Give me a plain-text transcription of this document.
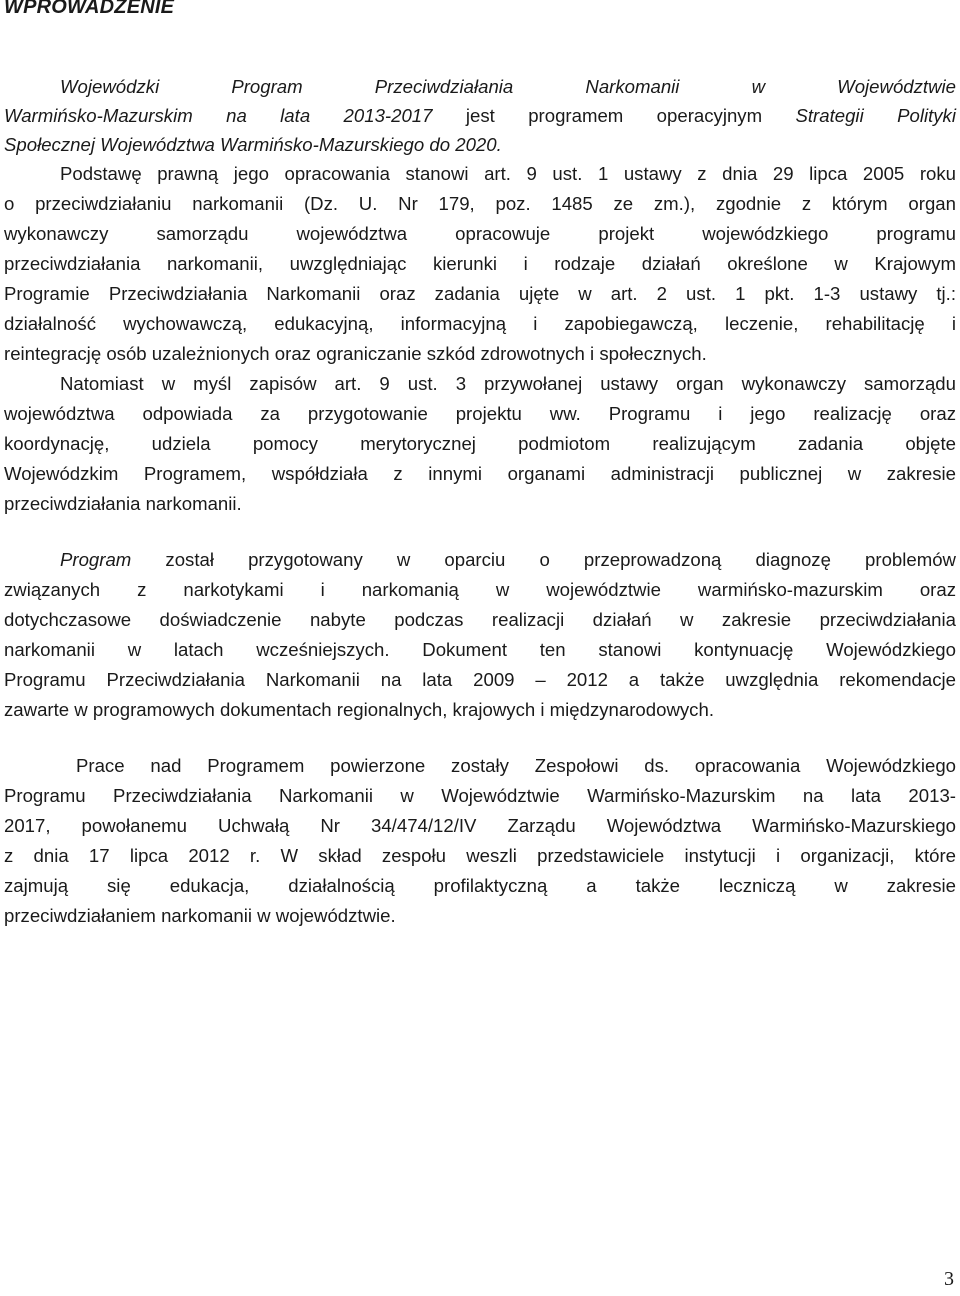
WPROWADZENIE

Wojewódzki Program Przeciwdziałania Narkomanii w Województwie

Warmińsko-Mazurskim na lata 2013-2017 jest programem operacyjnym Strategii Polityki

Społecznej Województwa Warmińsko-Mazurskiego do 2020.

Podstawę prawną jego opracowania stanowi art. 9 ust. 1 ustawy z dnia 29 lipca 2005 roku

o przeciwdziałaniu narkomanii (Dz. U. Nr 179, poz. 1485 ze zm.), zgodnie z którym organ

wykonawczy samorządu województwa opracowuje projekt wojewódzkiego programu

przeciwdziałania narkomanii, uwzględniając kierunki i rodzaje działań określone w Krajowym

Programie Przeciwdziałania Narkomanii oraz zadania ujęte w art. 2 ust. 1 pkt. 1-3 ustawy tj.:

działalność wychowawczą, edukacyjną, informacyjną i zapobiegawczą, leczenie, rehabilitację i

reintegrację osób uzależnionych oraz ograniczanie szkód zdrowotnych i społecznych.

Natomiast w myśl zapisów art. 9 ust. 3 przywołanej ustawy organ wykonawczy samorządu

województwa odpowiada za przygotowanie projektu ww. Programu i jego realizację oraz

koordynację, udziela pomocy merytorycznej podmiotom realizującym zadania objęte

Wojewódzkim Programem, współdziała z innymi organami administracji publicznej w zakresie

przeciwdziałania narkomanii.

Program został przygotowany w oparciu o przeprowadzoną diagnozę problemów

związanych z narkotykami i narkomanią w województwie warmińsko-mazurskim oraz

dotychczasowe doświadczenie nabyte podczas realizacji działań w zakresie przeciwdziałania

narkomanii w latach wcześniejszych. Dokument ten stanowi kontynuację Wojewódzkiego

Programu Przeciwdziałania Narkomanii na lata 2009 – 2012 a także uwzględnia rekomendacje

zawarte w programowych dokumentach regionalnych, krajowych i międzynarodowych.

Prace nad Programem powierzone zostały Zespołowi ds. opracowania Wojewódzkiego

Programu Przeciwdziałania Narkomanii w Województwie Warmińsko-Mazurskim na lata 2013-

2017, powołanemu Uchwałą Nr 34/474/12/IV Zarządu Województwa Warmińsko-Mazurskiego

z dnia 17 lipca 2012 r. W skład zespołu weszli przedstawiciele instytucji i organizacji, które

zajmują się edukacja, działalnością profilaktyczną a także leczniczą w zakresie

przeciwdziałaniem narkomanii w województwie.

3
